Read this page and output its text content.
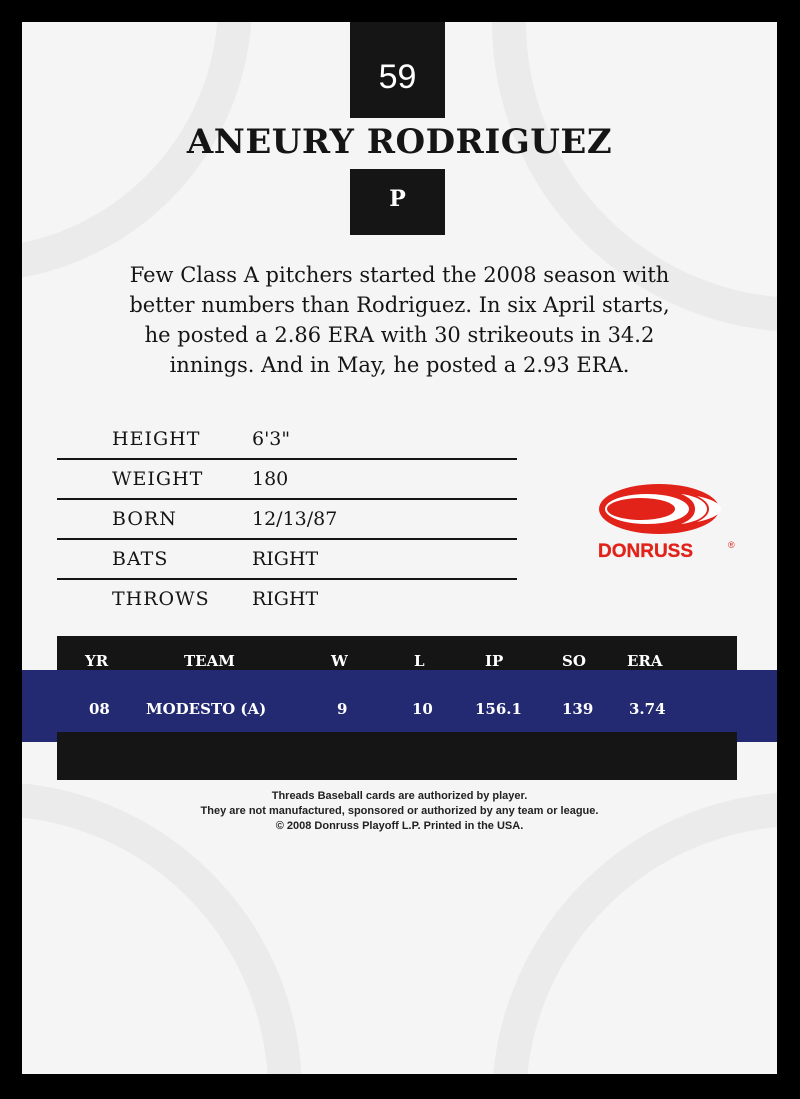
59
ANEURY RODRIGUEZ
P

Few Class A pitchers started the 2008 season with better numbers than Rodriguez. In six April starts, he posted a 2.86 ERA with 30 strikeouts in 34.2 innings. And in May, he posted a 2.93 ERA.

HEIGHT	6'3"
WEIGHT	180
BORN	12/13/87
BATS	RIGHT
THROWS RIGHT
DONRUSS	®
YR	TEAM	W	L	IP	SO	ERA
08 MODESTO (A)	9	10	156.1	139 3.74
Threads Baseball cards are authorized by player.
They are not manufactured, sponsored or authorized by any team or league.
© 2008 Donruss Playoff L.P. Printed in the USA.
